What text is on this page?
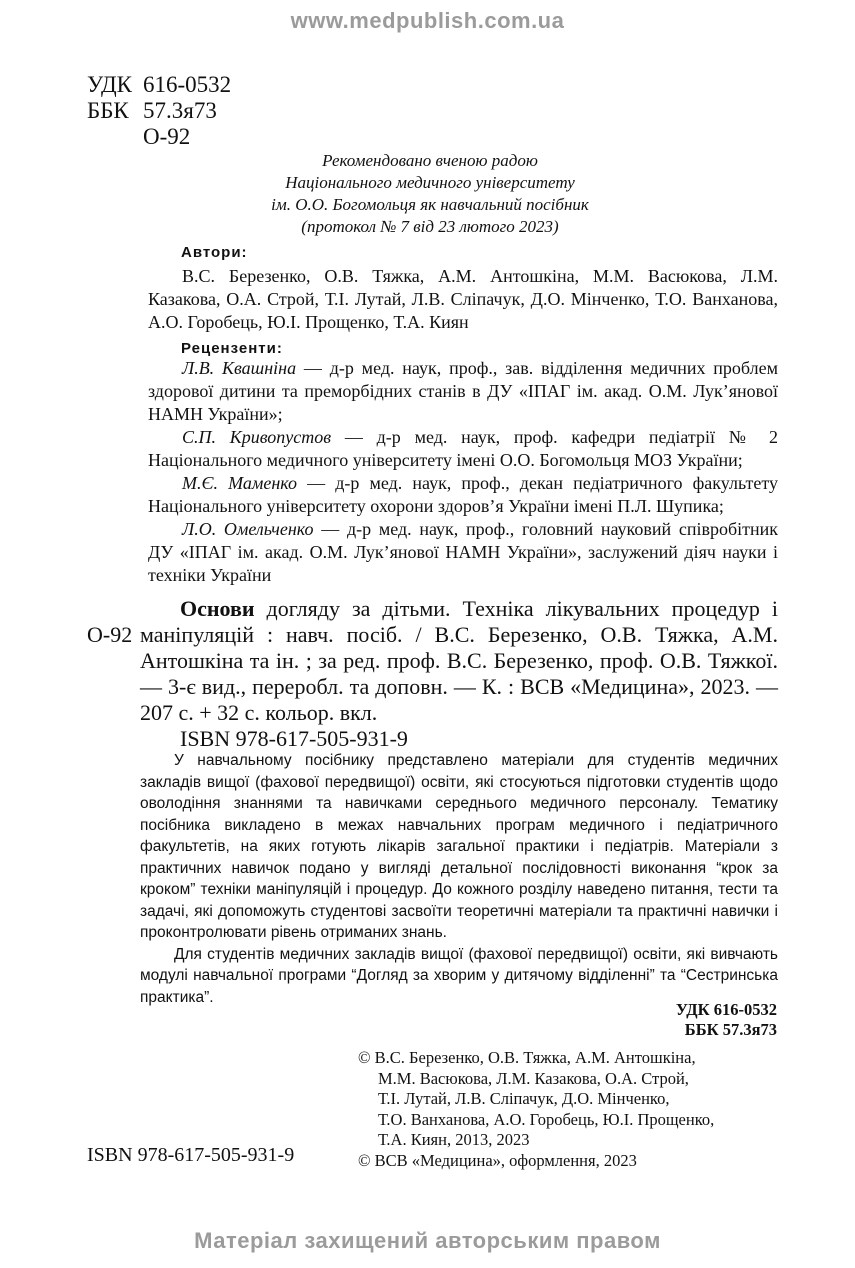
www.medpublish.com.ua
УДК 616-0532
ББК 57.3я73
О-92
Рекомендовано вченою радою
Національного медичного університету
ім. О.О. Богомольця як навчальний посібник
(протокол № 7 від 23 лютого 2023)
Автори:

В.С. Березенко, О.В. Тяжка, А.М. Антошкіна, М.М. Васюкова, Л.М. Казакова, О.А. Строй, Т.І. Лутай, Л.В. Сліпачук, Д.О. Мінченко, Т.О. Ванханова, А.О. Горобець, Ю.І. Прощенко, Т.А. Киян

Рецензенти:

Л.В. Квашніна — д-р мед. наук, проф., зав. відділення медичних проблем здорової дитини та преморбідних станів в ДУ «ІПАГ ім. акад. О.М. Лук’янової НАМН України»;

С.П. Кривопустов — д-р мед. наук, проф. кафедри педіатрії № 2 Національного медичного університету імені О.О. Богомольця МОЗ України;

М.Є. Маменко — д-р мед. наук, проф., декан педіатричного факультету Національного університету охорони здоров’я України імені П.Л. Шупика;

Л.О. Омельченко — д-р мед. наук, проф., головний науковий співробітник ДУ «ІПАГ ім. акад. О.М. Лук’янової НАМН України», заслужений діяч науки і техніки України

О-92
Основи догляду за дітьми. Техніка лікувальних процедур і маніпуляцій : навч. посіб. / В.С. Березенко, О.В. Тяжка, А.М. Антошкіна та ін. ; за ред. проф. В.С. Березенко, проф. О.В. Тяжкої. — 3-є вид., переробл. та доповн. — К. : ВСВ «Медицина», 2023. — 207 с. + 32 с. кольор. вкл.
ISBN 978-617-505-931-9

У навчальному посібнику представлено матеріали для студентів медичних закладів вищої (фахової передвищої) освіти, які стосуються підготовки студентів щодо оволодіння знаннями та навичками середнього медичного персоналу. Тематику посібника викладено в межах навчальних програм медичного і педіатричного факультетів, на яких готують лікарів загальної практики і педіатрів. Матеріали з практичних навичок подано у вигляді детальної послідовності виконання “крок за кроком” техніки маніпуляцій і процедур. До кожного розділу наведено питання, тести та задачі, які допоможуть студентові засвоїти теоретичні матеріали та практичні навички і проконтролювати рівень отриманих знань.

Для студентів медичних закладів вищої (фахової передвищої) освіти, які вивчають модулі навчальної програми “Догляд за хворим у дитячому відділенні” та “Сестринська практика”.

УДК 616-0532
ББК 57.3я73
© В.С. Березенко, О.В. Тяжка, А.М. Антошкіна,
М.М. Васюкова, Л.М. Казакова, О.А. Строй,
Т.І. Лутай, Л.В. Сліпачук, Д.О. Мінченко,
Т.О. Ванханова, А.О. Горобець, Ю.І. Прощенко,
Т.А. Киян, 2013, 2023
© ВСВ «Медицина», оформлення, 2023
ISBN 978-617-505-931-9
Матеріал захищений авторським правом
